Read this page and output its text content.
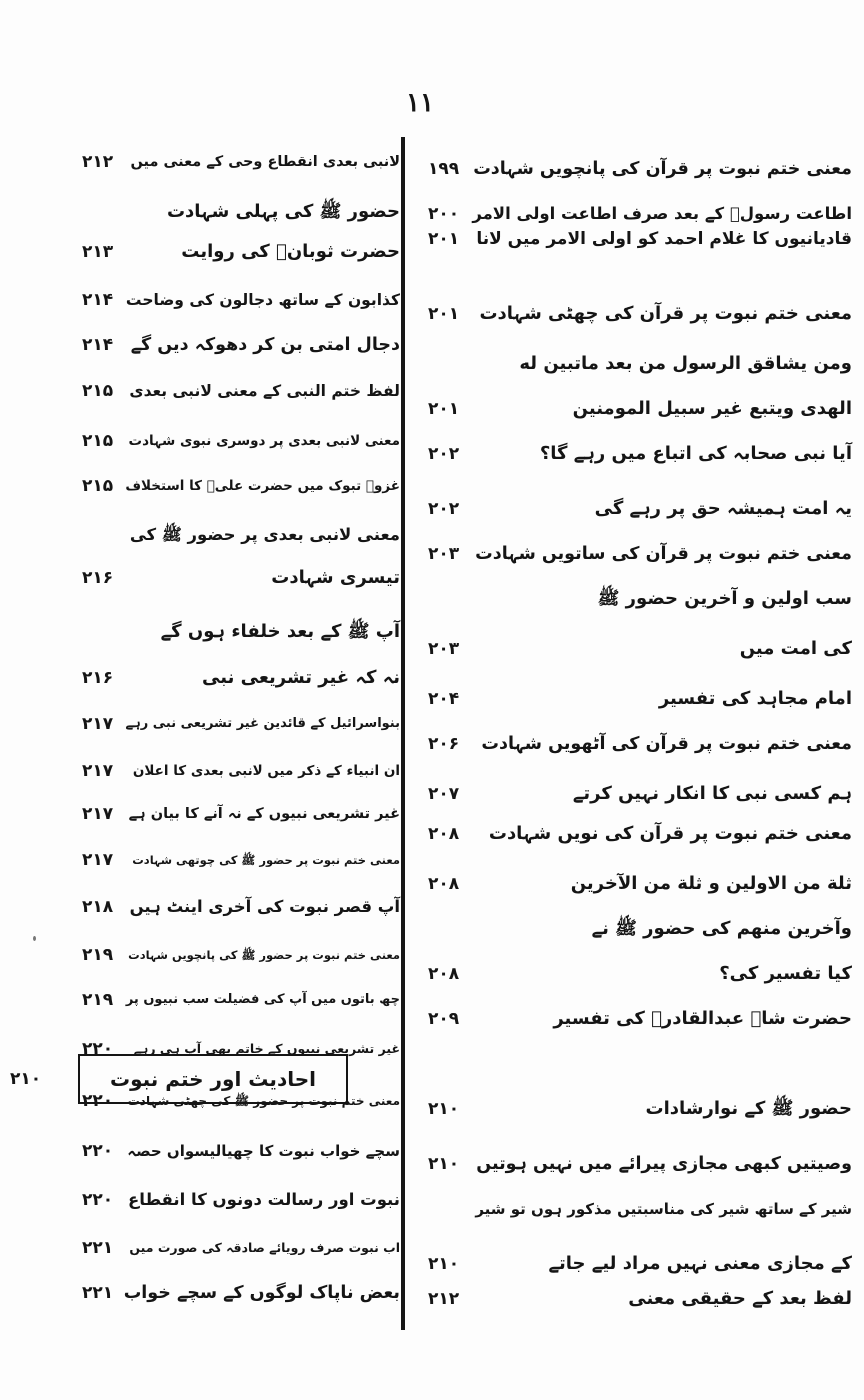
۱۱
معنی ختم نبوت پر قرآن کی پانچویں شہادت
۱۹۹
اطاعت رسولؐ کے بعد صرف اطاعت اولی الامر
۲۰۰
قادیانیوں کا غلام احمد کو اولی الامر میں لانا
۲۰۱
معنی ختم نبوت پر قرآن کی چھٹی شہادت
۲۰۱
ومن یشاقق الرسول من بعد ماتبین له
الهدی ویتبع غیر سبیل المومنین
۲۰۱
آیا نبی صحابہ کی اتباع میں رہے گا؟
۲۰۲
یہ امت ہمیشہ حق پر رہے گی
۲۰۲
معنی ختم نبوت پر قرآن کی ساتویں شہادت
۲۰۳
سب اولین و آخرین حضور ﷺ
کی امت میں
۲۰۳
امام مجاہد کی تفسیر
۲۰۴
معنی ختم نبوت پر قرآن کی آٹھویں شہادت
۲۰۶
ہم کسی نبی کا انکار نہیں کرتے
۲۰۷
معنی ختم نبوت پر قرآن کی نویں شہادت
۲۰۸
ثلة من الاولین و ثلة من الآخرین
۲۰۸
وآخرین منهم کی حضور ﷺ نے
کیا تفسیر کی؟
۲۰۸
حضرت شاہ عبدالقادرؒ کی تفسیر
۲۰۹
حضور ﷺ کے نوارشادات
۲۱۰
وصیتیں کبھی مجازی پیرائے میں نہیں ہوتیں
۲۱۰
شیر کے ساتھ شیر کی مناسبتیں مذکور ہوں تو شیر
کے مجازی معنی نہیں مراد لیے جاتے
۲۱۰
لفظ بعد کے حقیقی معنی
۲۱۲
لانبی بعدی انقطاع وحی کے معنی میں
۲۱۲
حضور ﷺ کی پہلی شہادت
حضرت ثوبانؓ کی روایت
۲۱۳
کذابون کے ساتھ دجالون کی وضاحت
۲۱۴
دجال امتی بن کر دھوکہ دیں گے
۲۱۴
لفظ ختم النبی کے معنی لانبی بعدی
۲۱۵
معنی لانبی بعدی پر دوسری نبوی شہادت
۲۱۵
غزوہ تبوک میں حضرت علیؓ کا استخلاف
۲۱۵
معنی لانبی بعدی پر حضور ﷺ کی
تیسری شہادت
۲۱۶
آپ ﷺ کے بعد خلفاء ہوں گے
نہ کہ غیر تشریعی نبی
۲۱۶
بنواسرائیل کے قائدین غیر تشریعی نبی رہے
۲۱۷
ان انبیاء کے ذکر میں لانبی بعدی کا اعلان
۲۱۷
غیر تشریعی نبیوں کے نہ آنے کا بیان ہے
۲۱۷
معنی ختم نبوت پر حضور ﷺ کی چوتھی شہادت
۲۱۷
آپ قصر نبوت کی آخری اینٹ ہیں
۲۱۸
معنی ختم نبوت پر حضور ﷺ کی پانچویں شہادت
۲۱۹
چھ باتوں میں آپ کی فضیلت سب نبیوں پر
۲۱۹
غیر تشریعی نبیوں کے خاتم بھی آپ ہی رہے
۲۲۰
معنی ختم نبوت پر حضور ﷺ کی چھٹی شہادت
۲۲۰
سچے خواب نبوت کا چھیالیسواں حصہ
۲۲۰
نبوت اور رسالت دونوں کا انقطاع
۲۲۰
اب نبوت صرف رویائے صادقہ کی صورت میں
۲۲۱
بعض ناپاک لوگوں کے سچے خواب
۲۲۱
احادیث اور ختم نبوت
۲۱۰
